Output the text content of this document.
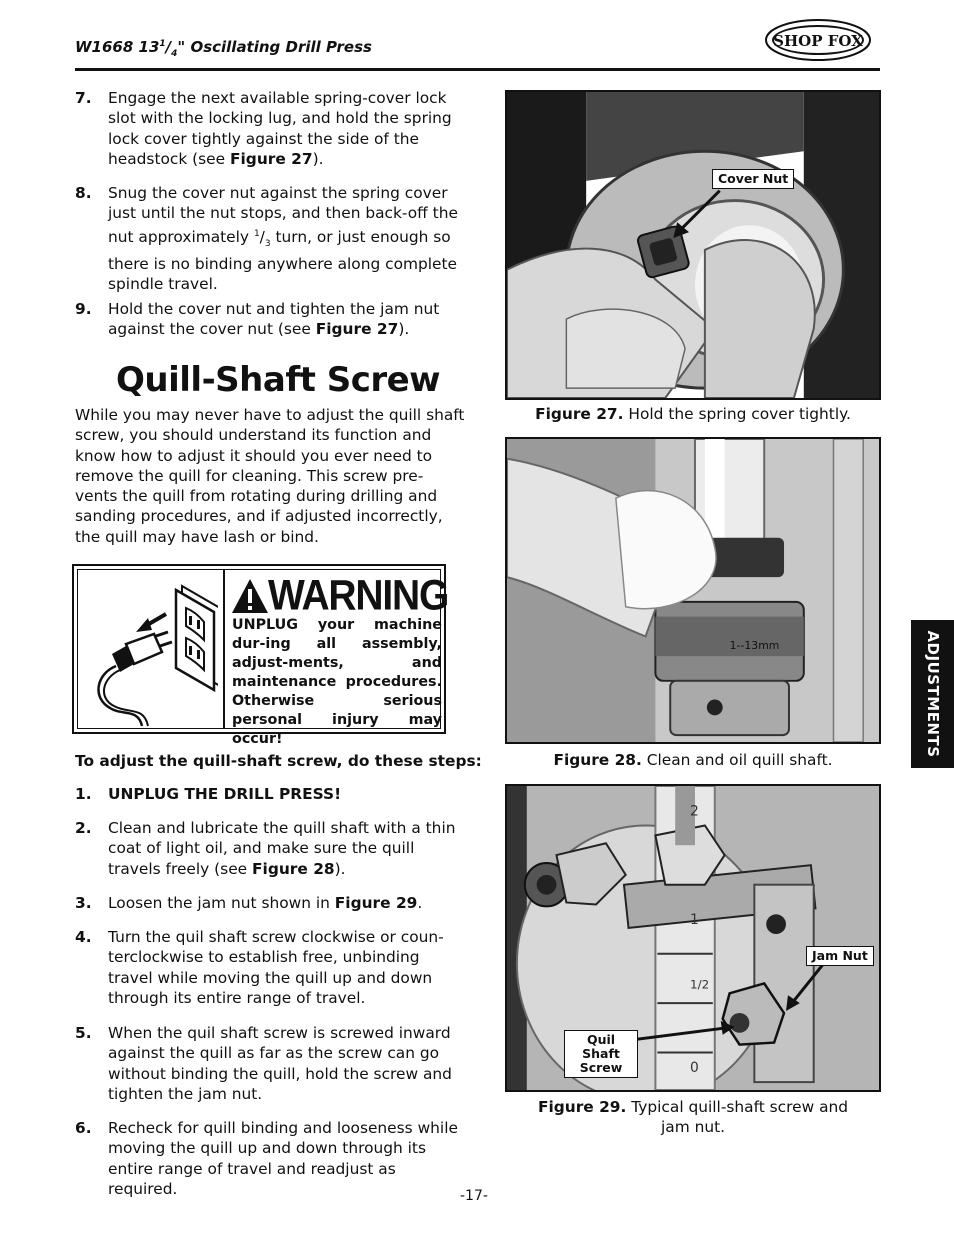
W1668 $13^1/_4$" Oscillating Drill Press	SHOP FOX
7. Engage the next available spring-cover lock slot with the locking lug, and hold the spring lock cover tightly against the side of the headstock (see Figure 27).
8. Snug the cover nut against the spring cover just until the nut stops, and then back-off the nut approximately $^1/_3$ turn, or just enough so there is no binding anywhere along complete spindle travel.
9. Hold the cover nut and tighten the jam nut against the cover nut (see Figure 27).
Quill-Shaft Screw
While you may never have to adjust the quill shaft screw, you should understand its function and know how to adjust it should you ever need to remove the quill for cleaning. This screw pre-vents the quill from rotating during drilling and sanding procedures, and if adjusted incorrectly, the quill may have lash or bind.
WARNING
UNPLUG your machine dur-ing all assembly, adjust-ments, and maintenance procedures. Otherwise serious personal injury may occur!
To adjust the quill-shaft screw, do these steps:
1. UNPLUG THE DRILL PRESS!
2. Clean and lubricate the quill shaft with a thin coat of light oil, and make sure the quill travels freely (see Figure 28).
3. Loosen the jam nut shown in Figure 29.
4. Turn the quil shaft screw clockwise or coun-terclockwise to establish free, unbinding travel while moving the quill up and down through its entire range of travel.
5. When the quil shaft screw is screwed inward against the quill as far as the screw can go without binding the quill, hold the screw and tighten the jam nut.
6. Recheck for quill binding and looseness while moving the quill up and down through its entire range of travel and readjust as required.
Cover Nut
Figure 27. Hold the spring cover tightly.
1--13mm
Figure 28. Clean and oil quill shaft.
2
1
1/2
0
Jam Nut
Quil Shaft Screw
Figure 29. Typical quill-shaft screw and jam nut.
ADJUSTMENTS
-17-
